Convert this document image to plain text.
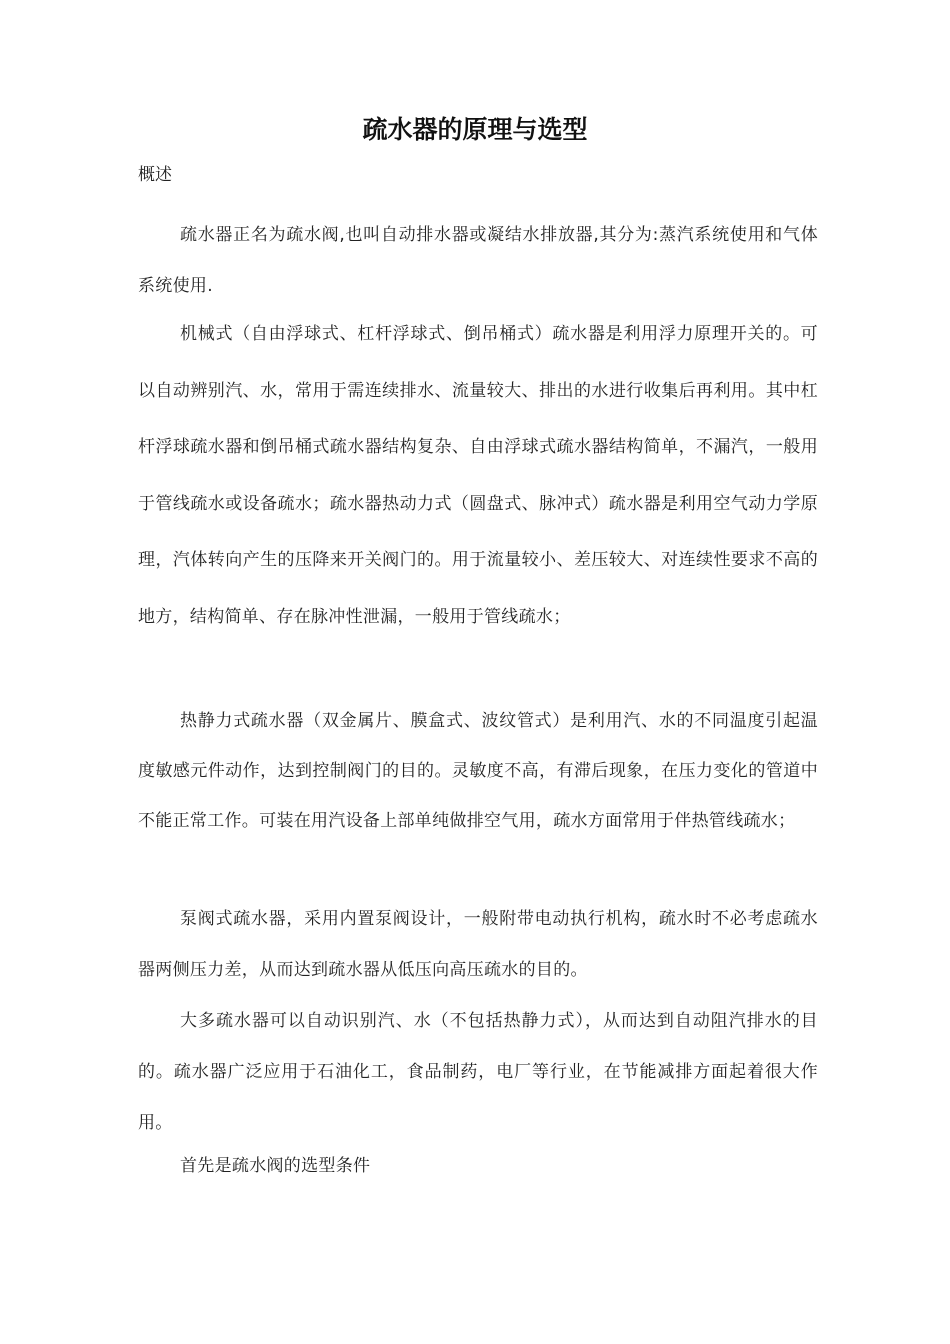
疏水器的原理与选型

概述

疏水器正名为疏水阀,也叫自动排水器或凝结水排放器,其分为:蒸汽系统使用和气体系统使用.

机械式（自由浮球式、杠杆浮球式、倒吊桶式）疏水器是利用浮力原理开关的。可以自动辨别汽、水，常用于需连续排水、流量较大、排出的水进行收集后再利用。其中杠杆浮球疏水器和倒吊桶式疏水器结构复杂、自由浮球式疏水器结构简单，不漏汽，一般用于管线疏水或设备疏水；疏水器热动力式（圆盘式、脉冲式）疏水器是利用空气动力学原理，汽体转向产生的压降来开关阀门的。用于流量较小、差压较大、对连续性要求不高的地方，结构简单、存在脉冲性泄漏，一般用于管线疏水；

热静力式疏水器（双金属片、膜盒式、波纹管式）是利用汽、水的不同温度引起温度敏感元件动作，达到控制阀门的目的。灵敏度不高，有滞后现象，在压力变化的管道中不能正常工作。可装在用汽设备上部单纯做排空气用，疏水方面常用于伴热管线疏水；

泵阀式疏水器，采用内置泵阀设计，一般附带电动执行机构，疏水时不必考虑疏水器两侧压力差，从而达到疏水器从低压向高压疏水的目的。

大多疏水器可以自动识别汽、水（不包括热静力式），从而达到自动阻汽排水的目的。疏水器广泛应用于石油化工，食品制药，电厂等行业，在节能减排方面起着很大作用。

首先是疏水阀的选型条件
